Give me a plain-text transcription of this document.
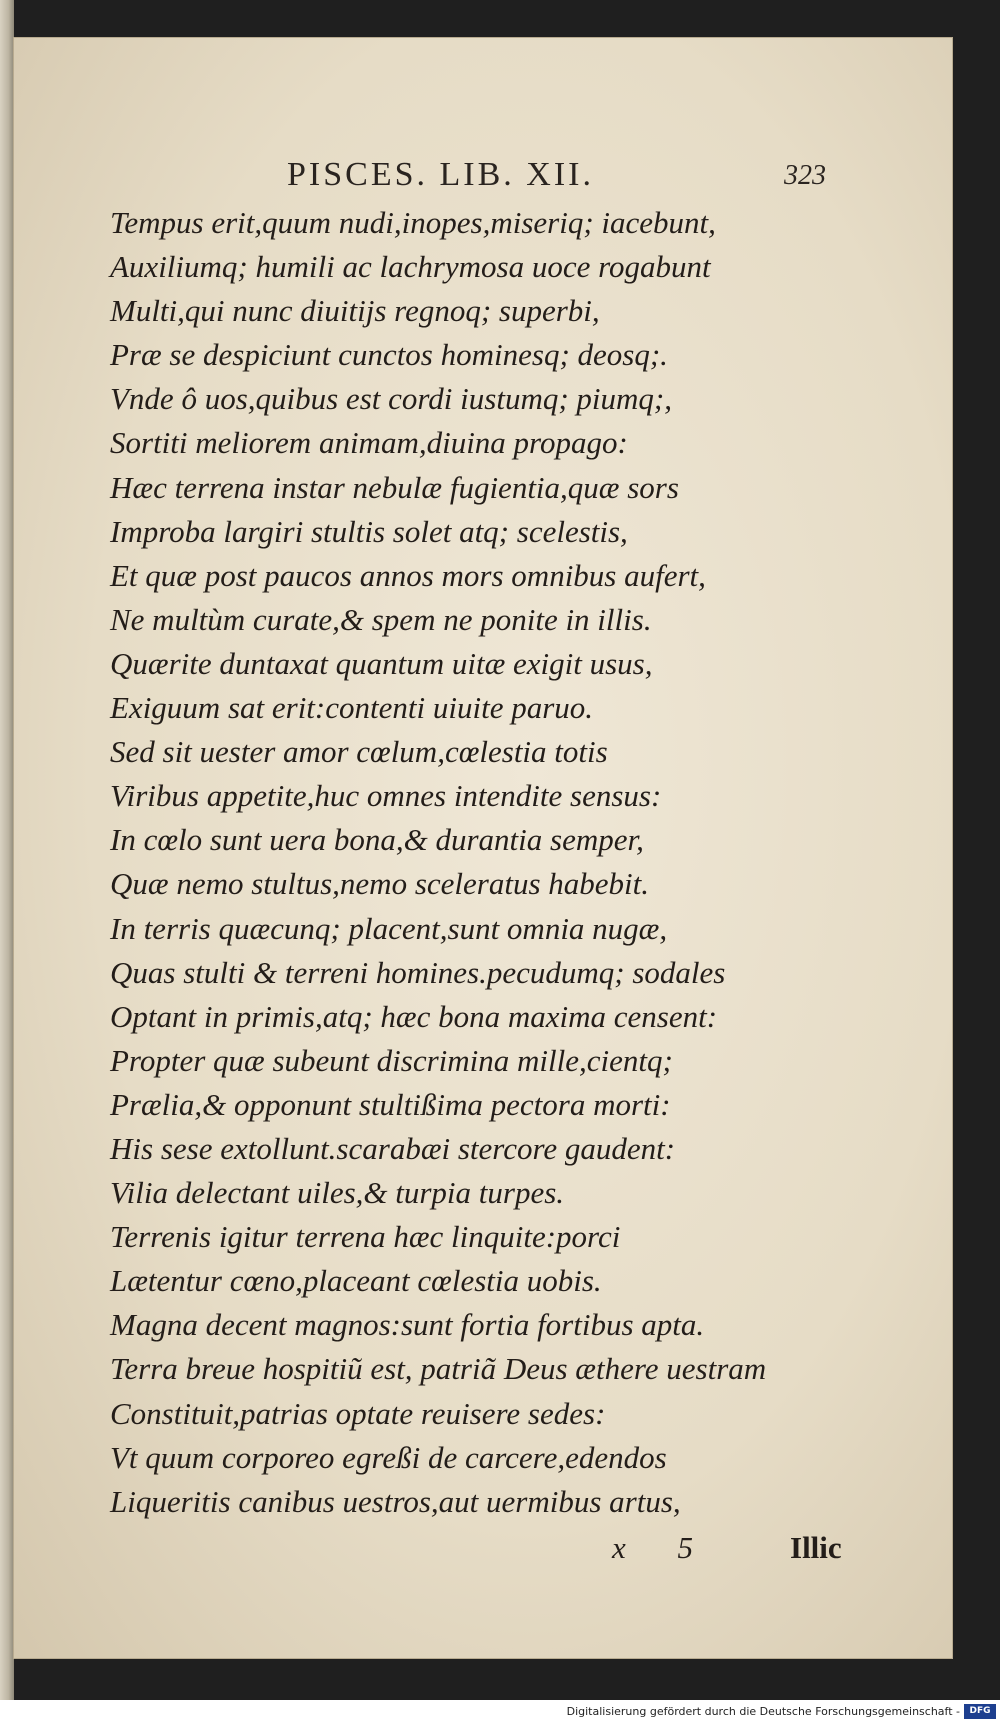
PISCES. LIB. XII.	323
Tempus erit,quum nudi,inopes,miseriq; iacebunt,
Auxiliumq; humili ac lachrymosa uoce rogabunt
Multi,qui nunc diuitijs regnoq; superbi,
Præ se despiciunt cunctos hominesq; deosq;.
Vnde ô uos,quibus est cordi iustumq; piumq;,
Sortiti meliorem animam,diuina propago:
Hæc terrena instar nebulæ fugientia,quæ sors
Improba largiri stultis solet atq; scelestis,
Et quæ post paucos annos mors omnibus aufert,
Ne multùm curate,& spem ne ponite in illis.
Quærite duntaxat quantum uitæ exigit usus,
Exiguum sat erit:contenti uiuite paruo.
Sed sit uester amor cœlum,cœlestia totis
Viribus appetite,huc omnes intendite sensus:
In cœlo sunt uera bona,& durantia semper,
Quæ nemo stultus,nemo sceleratus habebit.
In terris quæcunq; placent,sunt omnia nugæ,
Quas stulti & terreni homines.pecudumq; sodales
Optant in primis,atq; hæc bona maxima censent:
Propter quæ subeunt discrimina mille,cientq;
Prælia,& opponunt stultißima pectora morti:
His sese extollunt.scarabæi stercore gaudent:
Vilia delectant uiles,& turpia turpes.
Terrenis igitur terrena hæc linquite:porci
Lætentur cœno,placeant cœlestia uobis.
Magna decent magnos:sunt fortia fortibus apta.
Terra breue hospitiũ est, patriã Deus æthere uestram
Constituit,patrias optate reuisere sedes:
Vt quum corporeo egreßi de carcere,edendos
Liqueritis canibus uestros,aut uermibus artus,
x 5 Illic
Digitalisierung gefördert durch die Deutsche Forschungsgemeinschaft -	DFG
